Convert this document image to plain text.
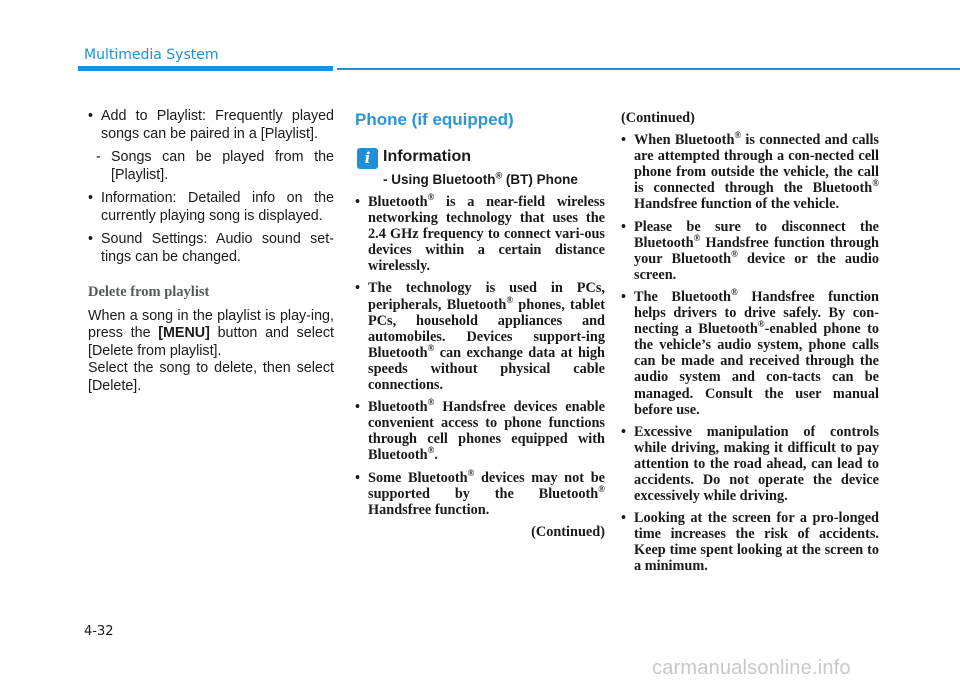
Multimedia System
• Add to Playlist: Frequently played songs can be paired in a [Playlist].
- Songs can be played from the [Playlist].
• Information: Detailed info on the currently playing song is displayed.
• Sound Settings: Audio sound set-tings can be changed.
Delete from playlist

When a song in the playlist is play-ing, press the [MENU] button and select [Delete from playlist].

Select the song to delete, then select [Delete].

Phone (if equipped)
i Information
- Using Bluetooth® (BT) Phone
• Bluetooth® is a near-field wireless networking technology that uses the 2.4 GHz frequency to connect vari-ous devices within a certain distance wirelessly.
• The technology is used in PCs, peripherals, Bluetooth® phones, tablet PCs, household appliances and automobiles. Devices support-ing Bluetooth® can exchange data at high speeds without physical cable connections.
• Bluetooth® Handsfree devices enable convenient access to phone functions through cell phones equipped with Bluetooth®.
• Some Bluetooth® devices may not be supported by the Bluetooth® Handsfree function.
(Continued)
(Continued)
• When Bluetooth® is connected and calls are attempted through a con-nected cell phone from outside the vehicle, the call is connected through the Bluetooth® Handsfree function of the vehicle.
• Please be sure to disconnect the Bluetooth® Handsfree function through your Bluetooth® device or the audio screen.
• The Bluetooth® Handsfree function helps drivers to drive safely. By con-necting a Bluetooth®-enabled phone to the vehicle’s audio system, phone calls can be made and received through the audio system and con-tacts can be managed. Consult the user manual before use.
• Excessive manipulation of controls while driving, making it difficult to pay attention to the road ahead, can lead to accidents. Do not operate the device excessively while driving.
• Looking at the screen for a pro-longed time increases the risk of accidents. Keep time spent looking at the screen to a minimum.
4-32
carmanualsonline.info
